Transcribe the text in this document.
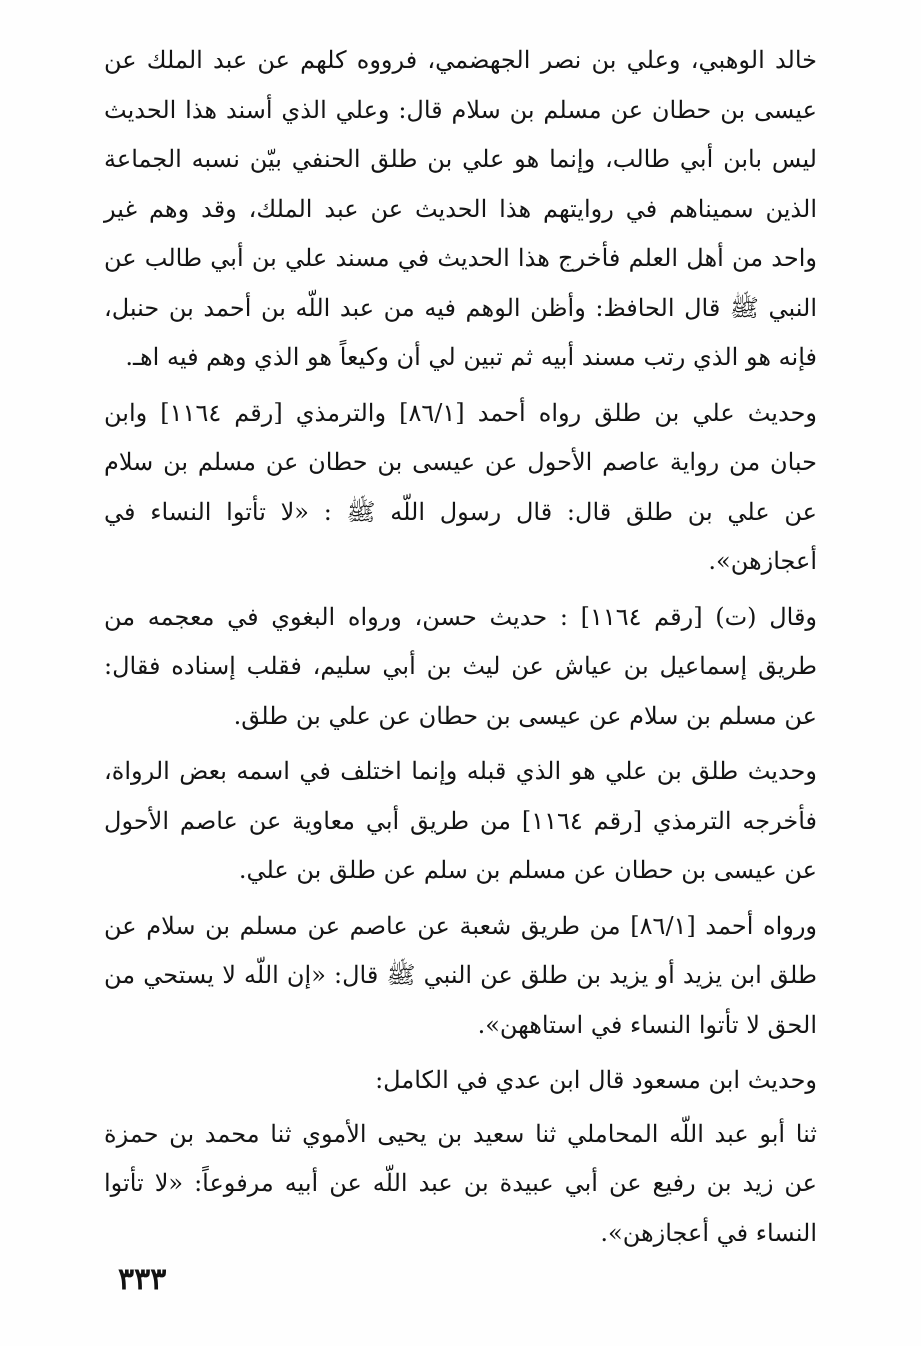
خالد الوهبي، وعلي بن نصر الجهضمي، فرووه كلهم عن عبد الملك عن عيسى بن حطان عن مسلم بن سلام قال: وعلي الذي أسند هذا الحديث ليس بابن أبي طالب، وإنما هو علي بن طلق الحنفي بيّن نسبه الجماعة الذين سميناهم في روايتهم هذا الحديث عن عبد الملك، وقد وهم غير واحد من أهل العلم فأخرج هذا الحديث في مسند علي بن أبي طالب عن النبي ﷺ قال الحافظ: وأظن الوهم فيه من عبد اللّه بن أحمد بن حنبل، فإنه هو الذي رتب مسند أبيه ثم تبين لي أن وكيعاً هو الذي وهم فيه اهـ.

وحديث علي بن طلق رواه أحمد [٨٦/١] والترمذي [رقم ١١٦٤] وابن حبان من رواية عاصم الأحول عن عيسى بن حطان عن مسلم بن سلام عن علي بن طلق قال: قال رسول اللّه ﷺ : «لا تأتوا النساء في أعجازهن».

وقال (ت) [رقم ١١٦٤] : حديث حسن، ورواه البغوي في معجمه من طريق إسماعيل بن عياش عن ليث بن أبي سليم، فقلب إسناده فقال: عن مسلم بن سلام عن عيسى بن حطان عن علي بن طلق.

وحديث طلق بن علي هو الذي قبله وإنما اختلف في اسمه بعض الرواة، فأخرجه الترمذي [رقم ١١٦٤] من طريق أبي معاوية عن عاصم الأحول عن عيسى بن حطان عن مسلم بن سلم عن طلق بن علي.

ورواه أحمد [٨٦/١] من طريق شعبة عن عاصم عن مسلم بن سلام عن طلق ابن يزيد أو يزيد بن طلق عن النبي ﷺ قال: «إن اللّه لا يستحي من الحق لا تأتوا النساء في استاههن».

وحديث ابن مسعود قال ابن عدي في الكامل:

ثنا أبو عبد اللّه المحاملي ثنا سعيد بن يحيى الأموي ثنا محمد بن حمزة عن زيد بن رفيع عن أبي عبيدة بن عبد اللّه عن أبيه مرفوعاً: «لا تأتوا النساء في أعجازهن».

٣٣٣
